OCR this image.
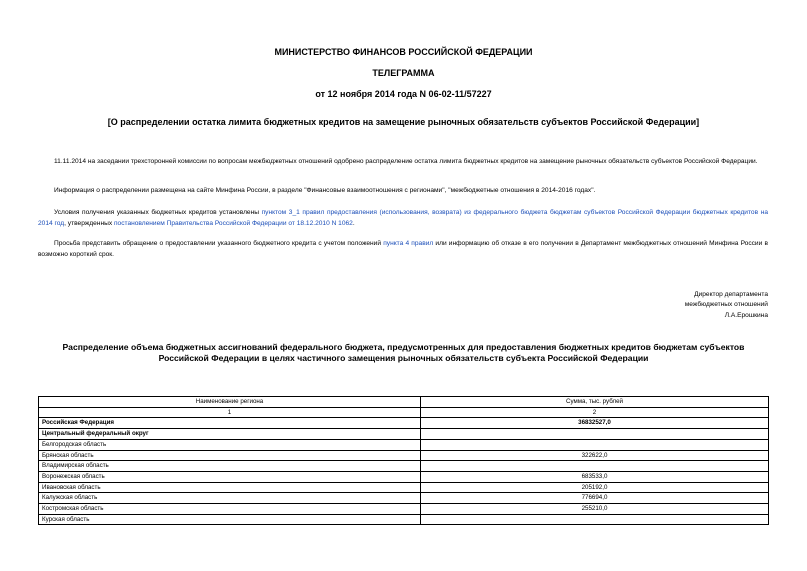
МИНИСТЕРСТВО ФИНАНСОВ РОССИЙСКОЙ ФЕДЕРАЦИИ
ТЕЛЕГРАММА
от 12 ноября 2014 года N 06-02-11/57227
[О распределении остатка лимита бюджетных кредитов на замещение рыночных обязательств субъектов Российской Федерации]
11.11.2014 на заседании трехсторонней комиссии по вопросам межбюджетных отношений одобрено распределение остатка лимита бюджетных кредитов на замещение рыночных обязательств субъектов Российской Федерации.
Информация о распределении размещена на сайте Минфина России, в разделе "Финансовые взаимоотношения с регионами", "межбюджетные отношения в 2014-2016 годах".
Условия получения указанных бюджетных кредитов установлены пунктом 3_1 правил предоставления (использования, возврата) из федерального бюджета бюджетам субъектов Российской Федерации бюджетных кредитов на 2014 год, утвержденных постановлением Правительства Российской Федерации от 18.12.2010 N 1062.
Просьба представить обращение о предоставлении указанного бюджетного кредита с учетом положений пункта 4 правил или информацию об отказе в его получении в Департамент межбюджетных отношений Минфина России в возможно короткий срок.
Директор департамента
межбюджетных отношений
Л.А.Ерошкина
Распределение объема бюджетных ассигнований федерального бюджета, предусмотренных для предоставления бюджетных кредитов бюджетам субъектов Российской Федерации в целях частичного замещения рыночных обязательств субъекта Российской Федерации
Наименование региона	Сумма, тыс. рублей
1	2
Российская Федерация	36832527,0
Центральный федеральный округ	
Белгородская область	
Брянская область	322622,0
Владимирская область	
Воронежская область	683533,0
Ивановская область	205192,0
Калужская область	776694,0
Костромская область	255210,0
Курская область	
